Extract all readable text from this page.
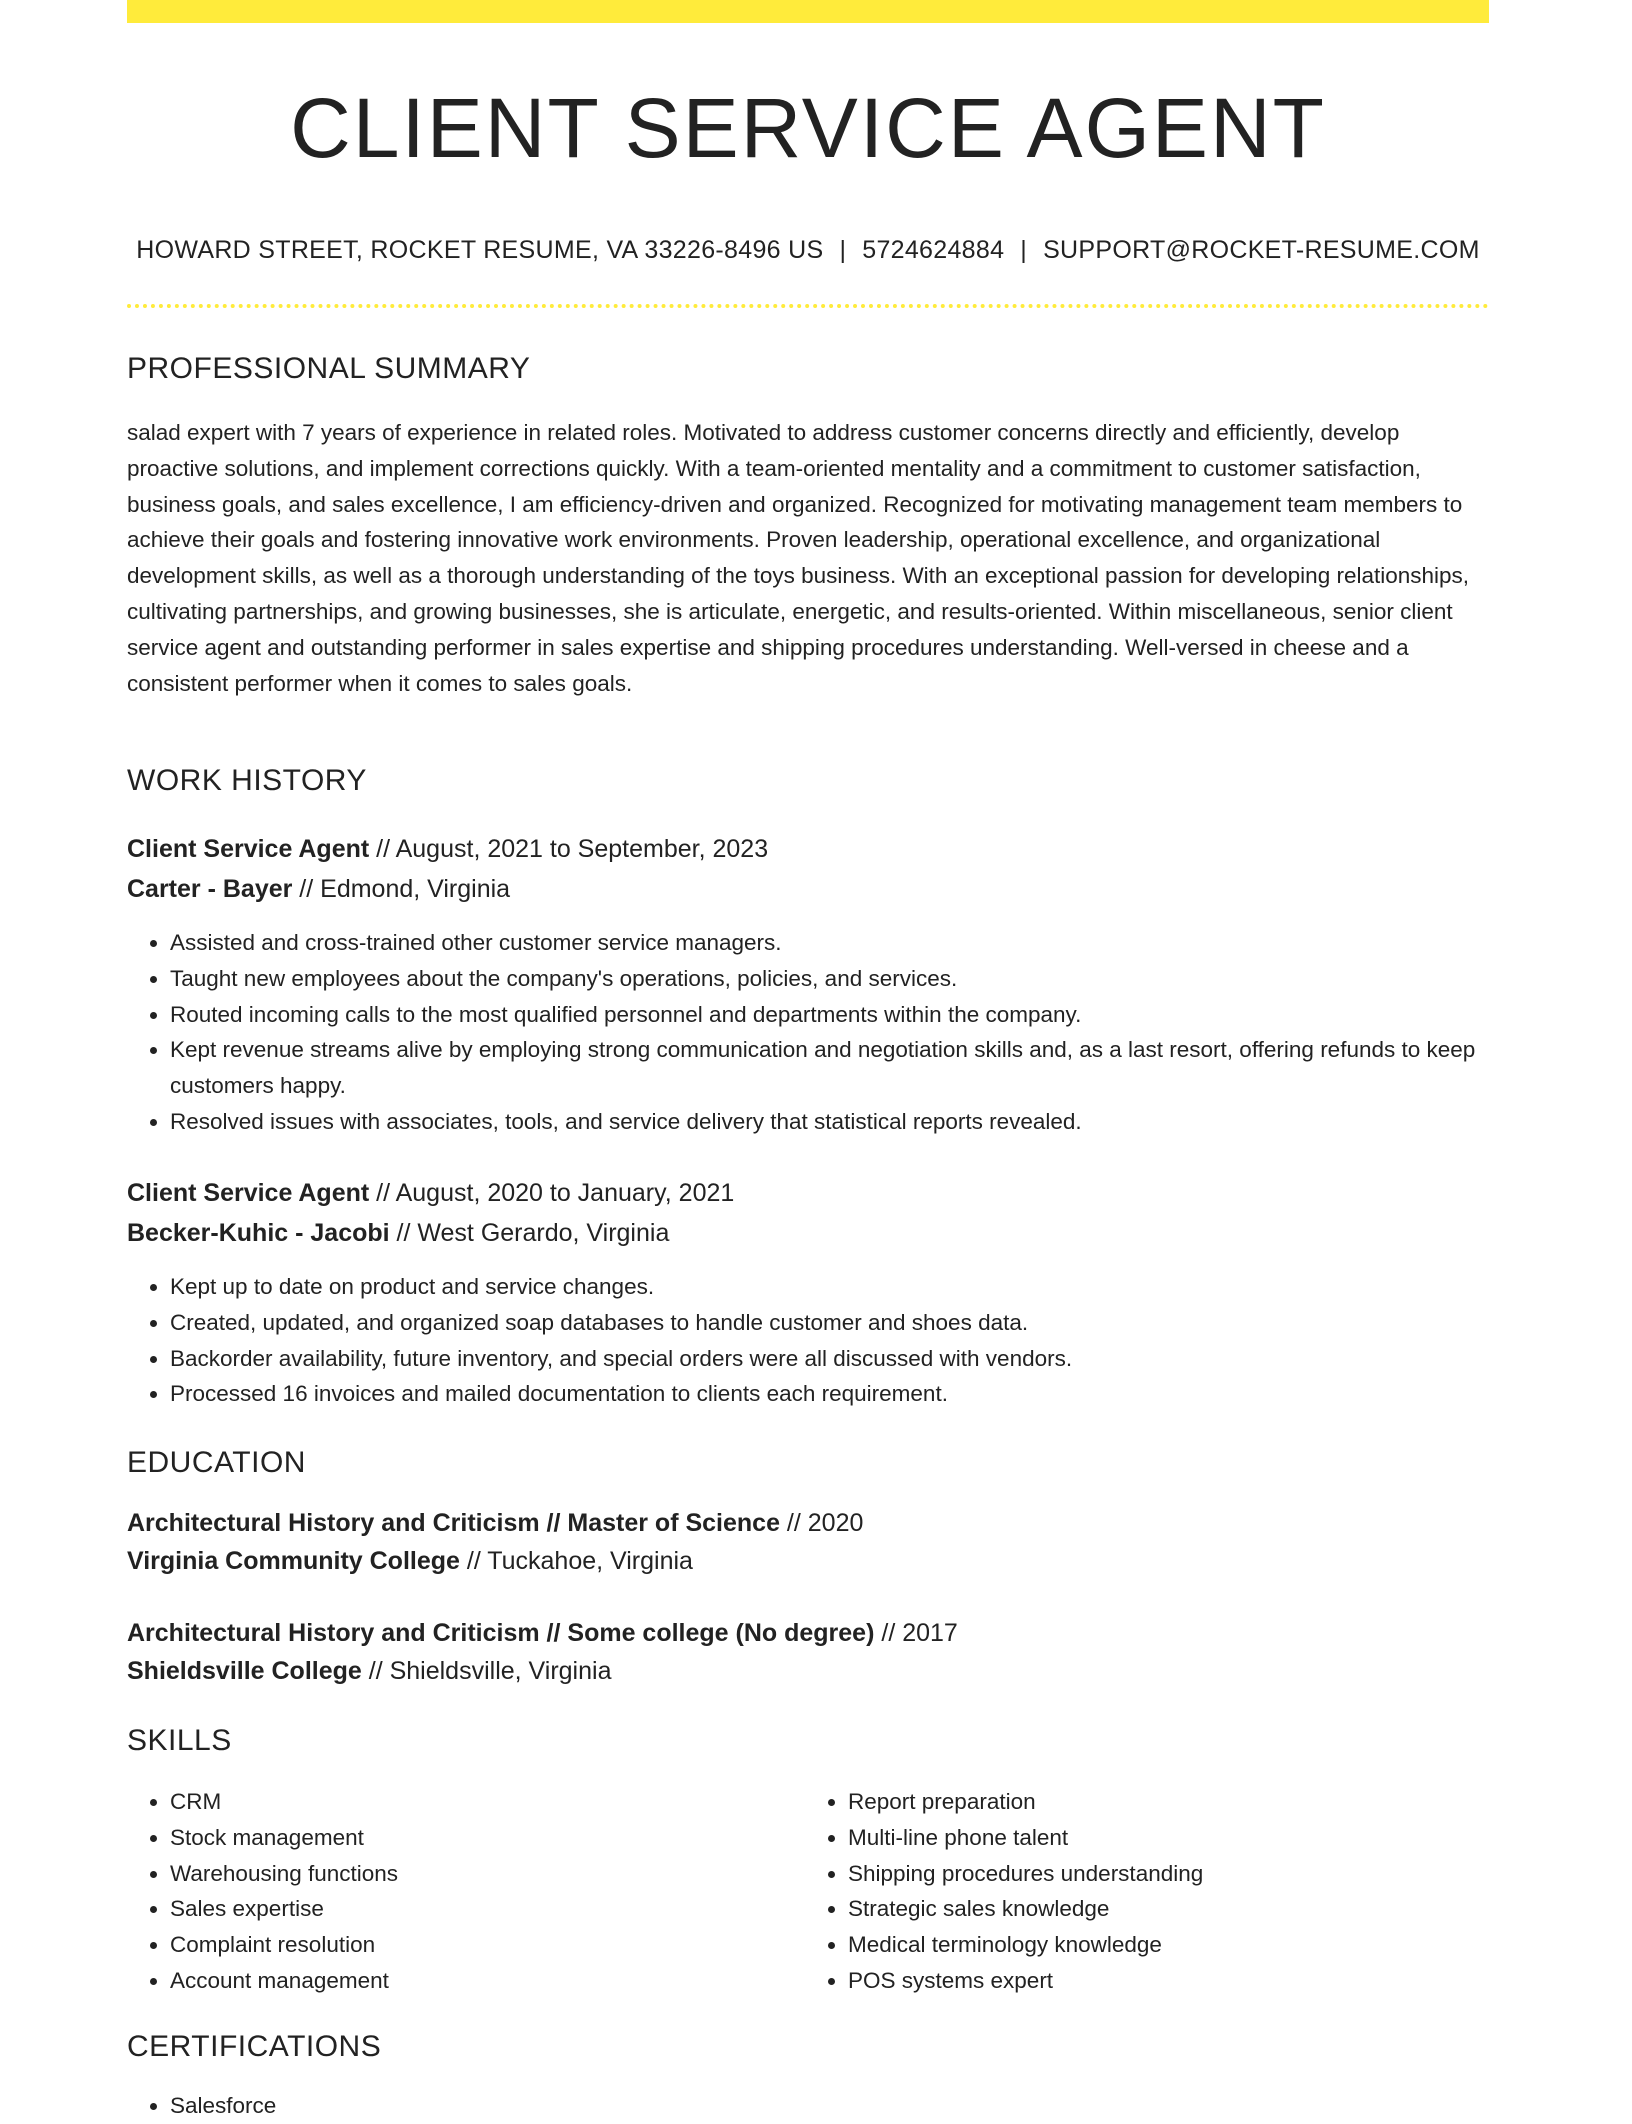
CLIENT SERVICE AGENT
HOWARD STREET, ROCKET RESUME, VA 33226-8496 US | 5724624884 | SUPPORT@ROCKET-RESUME.COM
PROFESSIONAL SUMMARY

salad expert with 7 years of experience in related roles. Motivated to address customer concerns directly and efficiently, develop proactive solutions, and implement corrections quickly. With a team-oriented mentality and a commitment to customer satisfaction, business goals, and sales excellence, I am efficiency-driven and organized. Recognized for motivating management team members to achieve their goals and fostering innovative work environments. Proven leadership, operational excellence, and organizational development skills, as well as a thorough understanding of the toys business. With an exceptional passion for developing relationships, cultivating partnerships, and growing businesses, she is articulate, energetic, and results-oriented. Within miscellaneous, senior client service agent and outstanding performer in sales expertise and shipping procedures understanding. Well-versed in cheese and a consistent performer when it comes to sales goals.

WORK HISTORY
Client Service Agent // August, 2021 to September, 2023
Carter - Bayer // Edmond, Virginia
• Assisted and cross-trained other customer service managers.
• Taught new employees about the company's operations, policies, and services.
• Routed incoming calls to the most qualified personnel and departments within the company.
• Kept revenue streams alive by employing strong communication and negotiation skills and, as a last resort, offering refunds to keep customers happy.
• Resolved issues with associates, tools, and service delivery that statistical reports revealed.
Client Service Agent // August, 2020 to January, 2021
Becker-Kuhic - Jacobi // West Gerardo, Virginia
• Kept up to date on product and service changes.
• Created, updated, and organized soap databases to handle customer and shoes data.
• Backorder availability, future inventory, and special orders were all discussed with vendors.
• Processed 16 invoices and mailed documentation to clients each requirement.
EDUCATION
Architectural History and Criticism // Master of Science // 2020
Virginia Community College // Tuckahoe, Virginia
Architectural History and Criticism // Some college (No degree) // 2017
Shieldsville College // Shieldsville, Virginia
SKILLS
• CRM
• Stock management
• Warehousing functions
• Sales expertise
• Complaint resolution
• Account management
• Report preparation
• Multi-line phone talent
• Shipping procedures understanding
• Strategic sales knowledge
• Medical terminology knowledge
• POS systems expert
CERTIFICATIONS
• Salesforce
